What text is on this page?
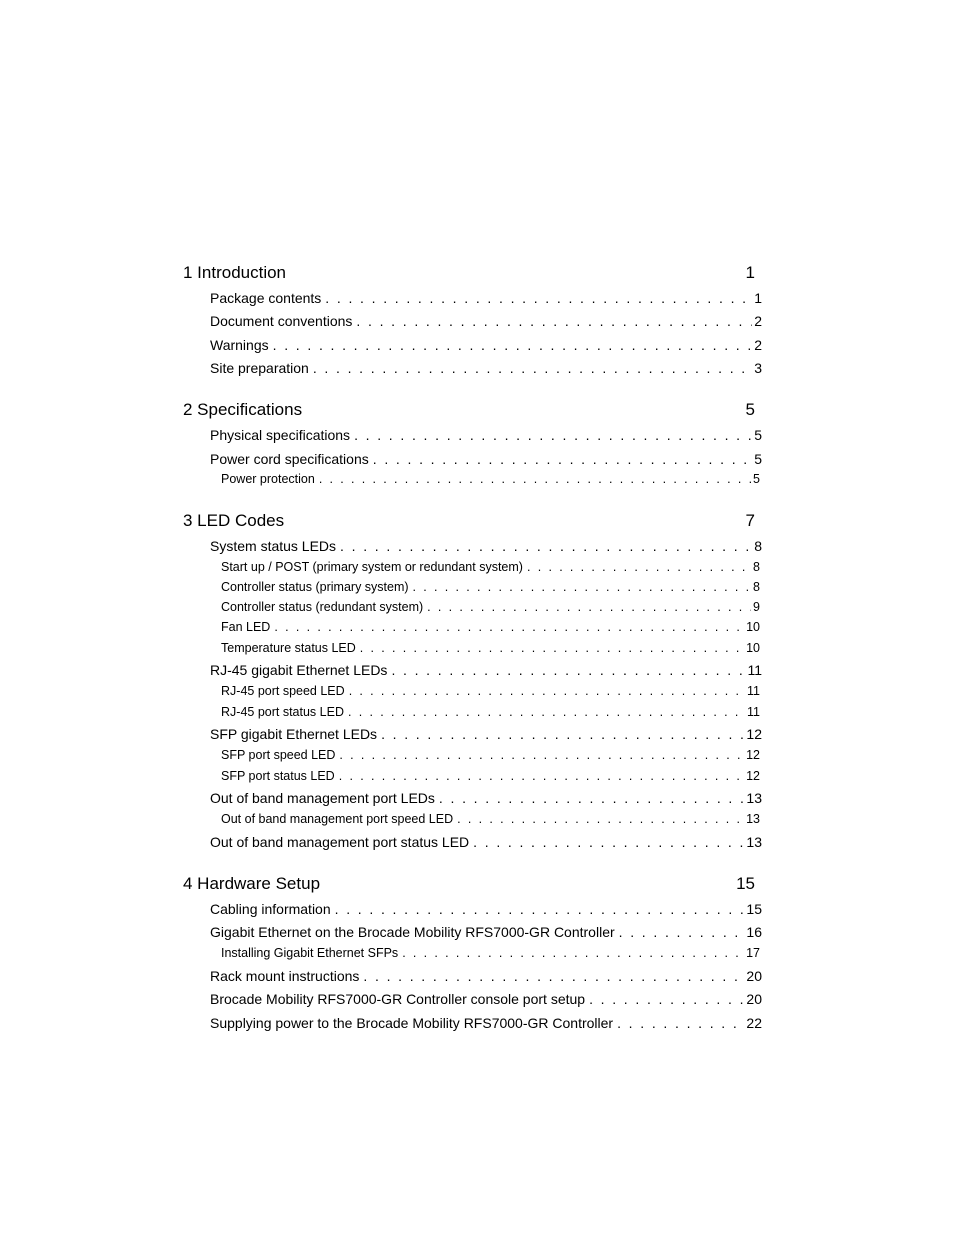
1 Introduction	1
Package contents . . .	1
Document conventions . . .	2
Warnings . . .	2
Site preparation . . .	3
2 Specifications	5
Physical specifications . . .	5
Power cord specifications . . .	5
Power protection . . .	5
3 LED Codes	7
System status LEDs . . .	8
Start up / POST (primary system or redundant system) . . .	8
Controller status (primary system) . . .	8
Controller status (redundant system) . . .	9
Fan LED . . .	10
Temperature status LED . . .	10
RJ-45 gigabit Ethernet LEDs . . .	11
RJ-45 port speed LED . . .	11
RJ-45 port status LED . . .	11
SFP gigabit Ethernet LEDs . . .	12
SFP port speed LED . . .	12
SFP port status LED . . .	12
Out of band management port LEDs . . .	13
Out of band management port speed LED . . .	13
Out of band management port status LED . . .	13
4 Hardware Setup	15
Cabling information . . .	15
Gigabit Ethernet on the Brocade Mobility RFS7000-GR Controller . . .	16
Installing Gigabit Ethernet SFPs . . .	17
Rack mount instructions . . .	20
Brocade Mobility RFS7000-GR Controller console port setup . . .	20
Supplying power to the Brocade Mobility RFS7000-GR Controller . . .	22
